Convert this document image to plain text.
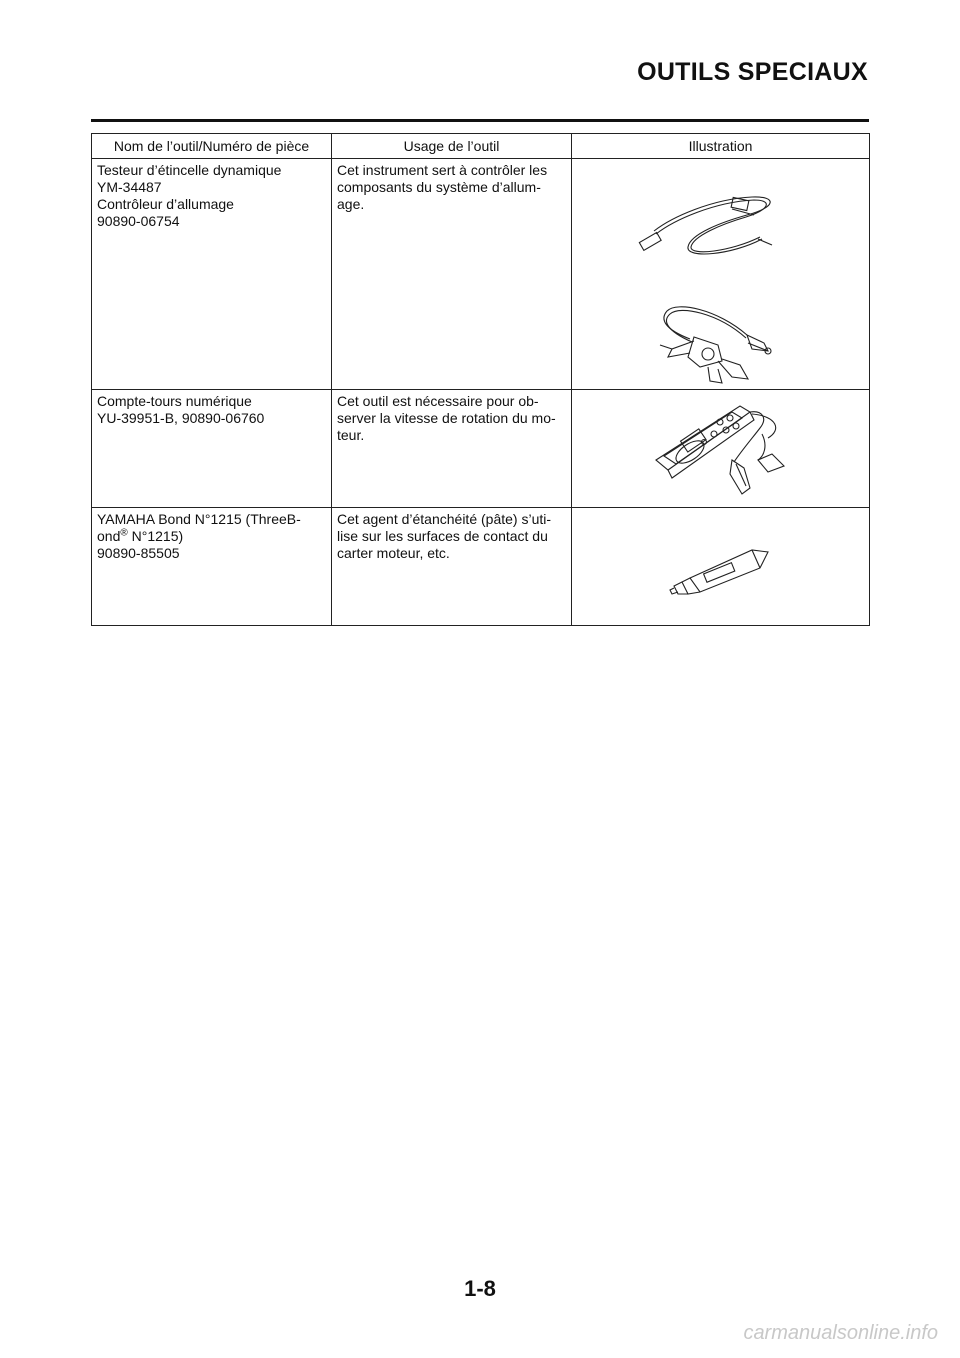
OUTILS SPECIAUX
Nom de l’outil/Numéro de pièce	Usage de l’outil	Illustration

Testeur d’étincelle dynamique
YM-34487
Contrôleur d’allumage
90890-06754	Cet instrument sert à contrôler les
composants du système d’allum-
age.

Compte-tours numérique
YU-39951-B, 90890-06760	Cet outil est nécessaire pour ob-
server la vitesse de rotation du mo-
teur.

YAMAHA Bond N°1215 (ThreeB-
ond® N°1215)
90890-85505	Cet agent d’étanchéité (pâte) s’uti-
lise sur les surfaces de contact du
carter moteur, etc.

1-8
carmanualsonline.info
